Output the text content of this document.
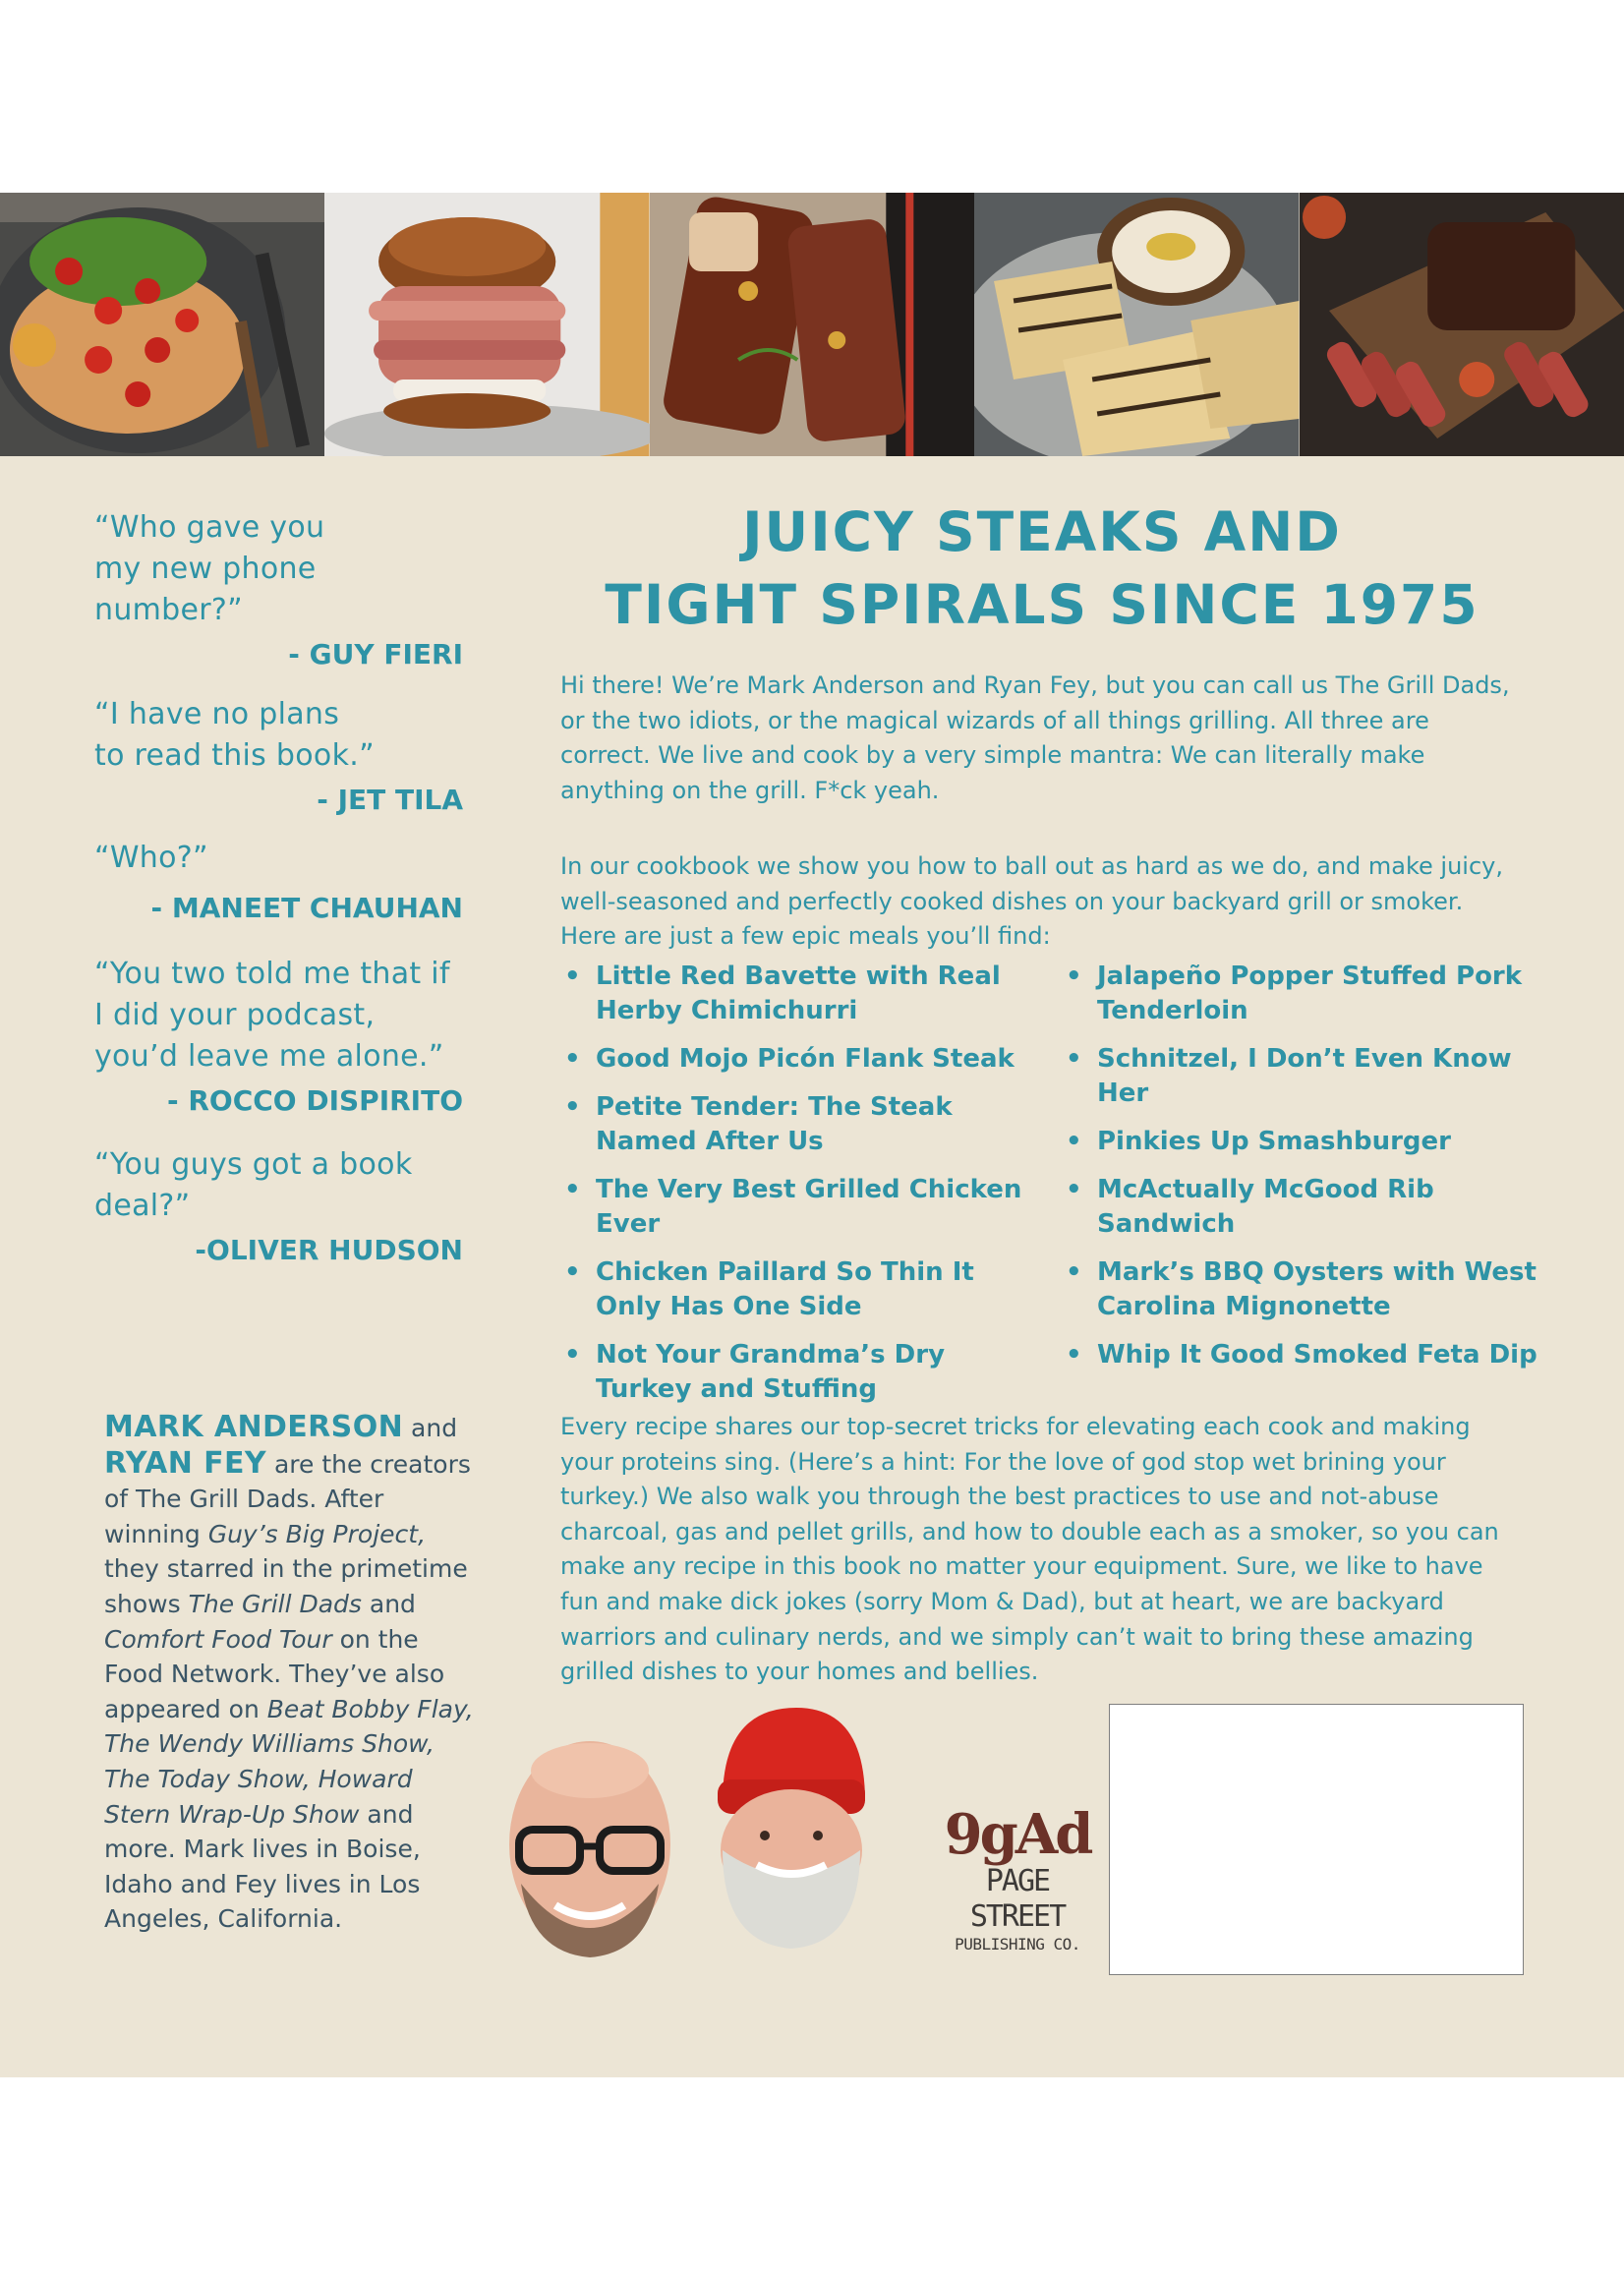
“Who gave you my new phone number?”
- GUY FIERI
“I have no plans to read this book.”
- JET TILA
“Who?”
- MANEET CHAUHAN
“You two told me that if I did your podcast, you’d leave me alone.”
- ROCCO DISPIRITO
“You guys got a book deal?”
-OLIVER HUDSON
MARK ANDERSON and RYAN FEY are the creators of The Grill Dads. After winning Guy’s Big Project, they starred in the primetime shows The Grill Dads and Comfort Food Tour on the Food Network. They’ve also appeared on Beat Bobby Flay, The Wendy Williams Show, The Today Show, Howard Stern Wrap-Up Show and more. Mark lives in Boise, Idaho and Fey lives in Los Angeles, California.
JUICY STEAKS AND
TIGHT SPIRALS SINCE 1975
Hi there! We’re Mark Anderson and Ryan Fey, but you can call us The Grill Dads, or the two idiots, or the magical wizards of all things grilling. All three are correct. We live and cook by a very simple mantra: We can literally make anything on the grill. F*ck yeah.
In our cookbook we show you how to ball out as hard as we do, and make juicy, well-seasoned and perfectly cooked dishes on your backyard grill or smoker. Here are just a few epic meals you’ll find:
• Little Red Bavette with Real Herby Chimichurri
• Good Mojo Picón Flank Steak
• Petite Tender: The Steak Named After Us
• The Very Best Grilled Chicken Ever
• Chicken Paillard So Thin It Only Has One Side
• Not Your Grandma’s Dry Turkey and Stuffing
• Jalapeño Popper Stuffed Pork Tenderloin
• Schnitzel, I Don’t Even Know Her
• Pinkies Up Smashburger
• McActually McGood Rib Sandwich
• Mark’s BBQ Oysters with West Carolina Mignonette
• Whip It Good Smoked Feta Dip
Every recipe shares our top-secret tricks for elevating each cook and making your proteins sing. (Here’s a hint: For the love of god stop wet brining your turkey.) We also walk you through the best practices to use and not-abuse charcoal, gas and pellet grills, and how to double each as a smoker, so you can make any recipe in this book no matter your equipment. Sure, we like to have fun and make dick jokes (sorry Mom & Dad), but at heart, we are backyard warriors and culinary nerds, and we simply can’t wait to bring these amazing grilled dishes to your homes and bellies.
9gAd
PAGE STREET
PUBLISHING CO.
